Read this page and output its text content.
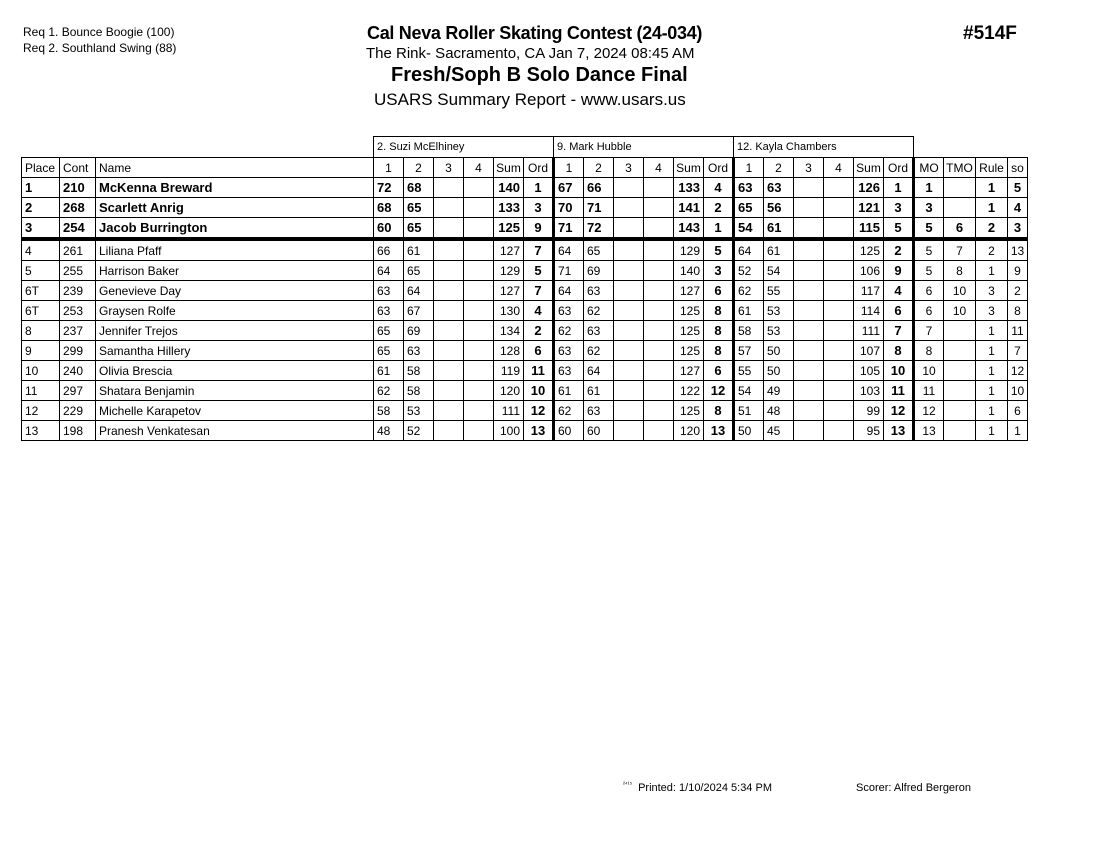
Req 1. Bounce Boogie (100)
Req 2. Southland Swing (88)
Cal Neva Roller Skating Contest (24-034)
The Rink- Sacramento, CA Jan 7, 2024 08:45 AM
Fresh/Soph B Solo Dance Final
USARS Summary Report - www.usars.us
#514F
			2. Suzi McElhiney						9. Mark Hubble						12. Kayla Chambers									
Place	Cont	Name	1	2	3	4	Sum	Ord	1	2	3	4	Sum	Ord	1	2	3	4	Sum	Ord	MO	TMO	Rule	so
1	210	McKenna Breward	72	68			140	1	67	66			133	4	63	63			126	1	1		1	5
2	268	Scarlett Anrig	68	65			133	3	70	71			141	2	65	56			121	3	3		1	4
3	254	Jacob Burrington	60	65			125	9	71	72			143	1	54	61			115	5	5	6	2	3
4	261	Liliana Pfaff	66	61			127	7	64	65			129	5	64	61			125	2	5	7	2	13
5	255	Harrison Baker	64	65			129	5	71	69			140	3	52	54			106	9	5	8	1	9
6T	239	Genevieve Day	63	64			127	7	64	63			127	6	62	55			117	4	6	10	3	2
6T	253	Graysen Rolfe	63	67			130	4	63	62			125	8	61	53			114	6	6	10	3	8
8	237	Jennifer Trejos	65	69			134	2	62	63			125	8	58	53			111	7	7		1	11
9	299	Samantha Hillery	65	63			128	6	63	62			125	8	57	50			107	8	8		1	7
10	240	Olivia Brescia	61	58			119	11	63	64			127	6	55	50			105	10	10		1	12
11	297	Shatara Benjamin	62	58			120	10	61	61			122	12	54	49			103	11	11		1	10
12	229	Michelle Karapetov	58	53			111	12	62	63			125	8	51	48			99	12	12		1	6
13	198	Pranesh Venkatesan	48	52			100	13	60	60			120	13	50	45			95	13	13		1	1
$^{^{2415}}$ Printed: 1/10/2024 5:34 PM	Scorer: Alfred Bergeron
